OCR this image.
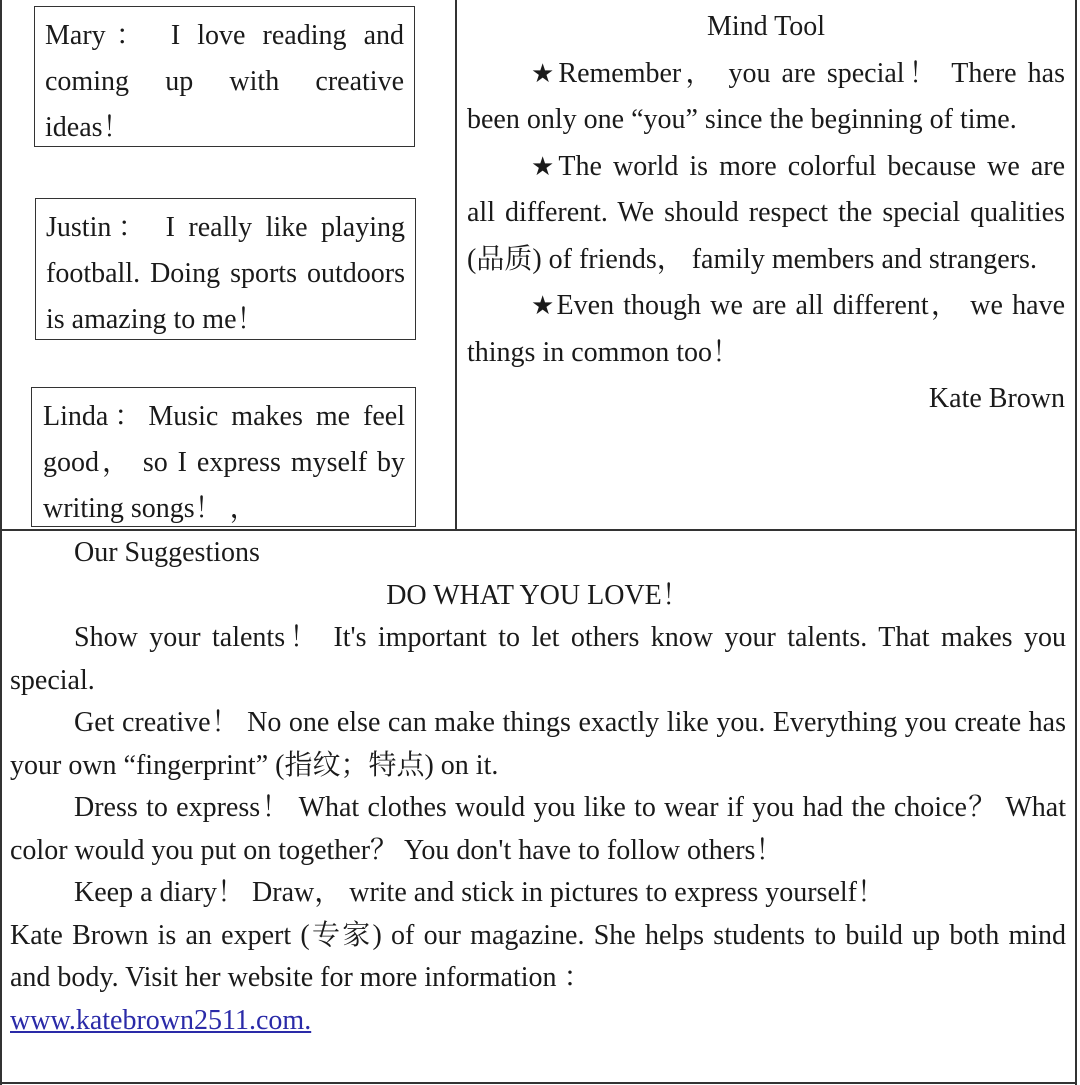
Mary： I love reading and coming up with creative ideas！
Justin： I really like playing football. Doing sports outdoors is amazing to me！
Linda：Music makes me feel good， so I express myself by writing songs！ ，
Mind Tool
★Remember， you are special！ There has been only one “you” since the beginning of time.
★The world is more colorful because we are all different. We should respect the special qualities (品质) of friends， family members and strangers.
★Even though we are all different， we have things in common too！
Kate Brown
Our Suggestions
DO WHAT YOU LOVE！
Show your talents！ It's important to let others know your talents. That makes you special.
Get creative！ No one else can make things exactly like you. Everything you create has your own “fingerprint” (指纹；特点) on it.
Dress to express！ What clothes would you like to wear if you had the choice？ What color would you put on together？ You don't have to follow others！
Keep a diary！ Draw， write and stick in pictures to express yourself！
Kate Brown is an expert (专家) of our magazine. She helps students to build up both mind and body. Visit her website for more information ：
www.katebrown2511.com.
